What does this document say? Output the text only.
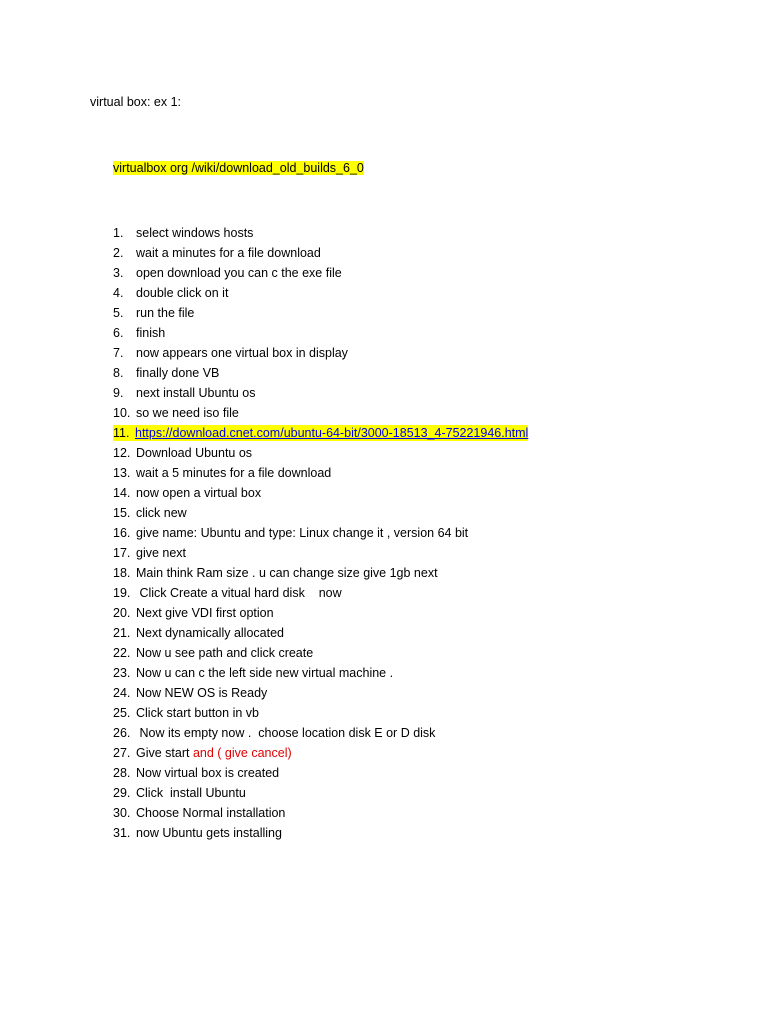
virtual box: ex 1:
virtualbox org /wiki/download_old_builds_6_0
1. select windows hosts
2. wait a minutes for a file download
3. open download you can c the exe file
4. double click on it
5. run the file
6. finish
7. now appears one virtual box in display
8. finally done VB
9. next install Ubuntu os
10. so we need iso file
11. https://download.cnet.com/ubuntu-64-bit/3000-18513_4-75221946.html
12. Download Ubuntu os
13. wait a 5 minutes for a file download
14. now open a virtual box
15. click new
16. give name: Ubuntu and type: Linux change it , version 64 bit
17. give next
18. Main think Ram size . u can change size give 1gb next
19. Click Create a vitual hard disk    now
20. Next give VDI first option
21. Next dynamically allocated
22. Now u see path and click create
23. Now u can c the left side new virtual machine .
24. Now NEW OS is Ready
25. Click start button in vb
26. Now its empty now .  choose location disk E or D disk
27. Give start and ( give cancel)
28. Now virtual box is created
29. Click  install Ubuntu
30. Choose Normal installation
31. now Ubuntu gets installing
